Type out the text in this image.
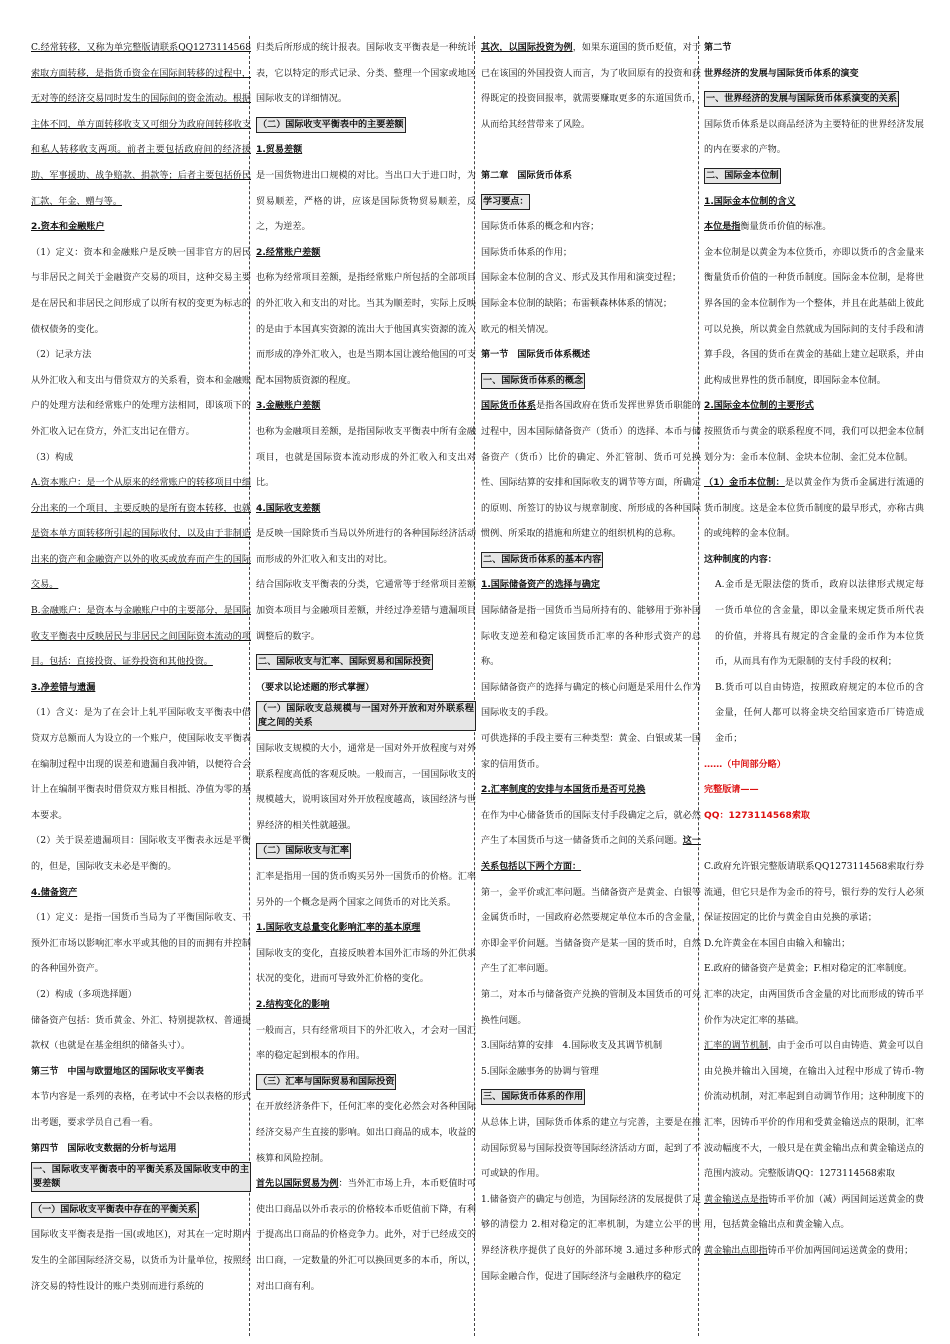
C.经常转移，又称为单完整版请联系QQ1273114568索取方面转移，是指货币资金在国际间转移的过程中，无对等的经济交易同时发生的国际间的资金流动。根据主体不同，单方面转移收支又可细分为政府间转移收支和私人转移收支两项。前者主要包括政府间的经济援助、军事援助、战争赔款、捐款等；后者主要包括侨民汇款、年金、赠与等。

2.资本和金融账户

（1）定义：资本和金融账户是反映一国非官方的居民与非居民之间关于金融资产交易的项目，这种交易主要是在居民和非居民之间形成了以所有权的变更为标志的债权债务的变化。

（2）记录方法

从外汇收入和支出与借贷双方的关系看，资本和金融账户的处理方法和经常账户的处理方法相同，即该项下的外汇收入记在贷方，外汇支出记在借方。

（3）构成

A.资本账户：是一个从原来的经常账户的转移项目中细分出来的一个项目，主要反映的是所有资本转移，也就是资本单方面转移所引起的国际收付，以及由于非制造出来的资产和金融资产以外的收买或放弃而产生的国际交易。

B.金融账户：是资本与金融账户中的主要部分，是国际收支平衡表中反映居民与非居民之间国际资本流动的项目。包括：直接投资、证券投资和其他投资。

3.净差错与遗漏

（1）含义：是为了在会计上轧平国际收支平衡表中借贷双方总额而人为设立的一个账户，使国际收支平衡表在编制过程中出现的误差和遗漏自我冲销，以便符合会计上在编制平衡表时借贷双方账目相抵、净值为零的基本要求。

（2）关于误差遗漏项目：国际收支平衡表永远是平衡的，但是，国际收支未必是平衡的。

4.储备资产

（1）定义：是指一国货币当局为了平衡国际收支、干预外汇市场以影响汇率水平或其他的目的而拥有并控制的各种国外资产。

（2）构成（多项选择题）

储备资产包括：货币黄金、外汇、特别提款权、普通提款权（也就是在基金组织的储备头寸）。

第三节　中国与欧盟地区的国际收支平衡表

本节内容是一系列的表格，在考试中不会以表格的形式出考题，要求学员自己看一看。

第四节　国际收支数据的分析与运用

一、国际收支平衡表中的平衡关系及国际收支中的主要差额

（一）国际收支平衡表中存在的平衡关系

国际收支平衡表是指一国(或地区)，对其在一定时期内发生的全部国际经济交易，以货币为计量单位，按照经济交易的特性设计的账户类别而进行系统的

归类后所形成的统计报表。国际收支平衡表是一种统计表，它以特定的形式记录、分类、整理一个国家或地区国际收支的详细情况。

（二）国际收支平衡表中的主要差额

1.贸易差额

是一国货物进出口规模的对比。当出口大于进口时，为贸易顺差，严格的讲，应该是国际货物贸易顺差，反之，为逆差。

2.经常账户差额

也称为经常项目差额，是指经常账户所包括的全部项目的外汇收入和支出的对比。当其为顺差时，实际上反映的是由于本国真实资源的流出大于他国真实资源的流入而形成的净外汇收入，也是当期本国让渡给他国的可支配本国物质资源的程度。

3.金融账户差额

也称为金融项目差额，是指国际收支平衡表中所有金融项目，也就是国际资本流动形成的外汇收入和支出对比。

4.国际收支差额

是反映一国除货币当局以外所进行的各种国际经济活动而形成的外汇收入和支出的对比。

结合国际收支平衡表的分类，它通常等于经常项目差额加资本项目与金融项目差额，并经过净差错与遗漏项目调整后的数字。

二、国际收支与汇率、国际贸易和国际投资

（要求以论述题的形式掌握）

（一）国际收支总规模与一国对外开放和对外联系程度之间的关系

国际收支规模的大小，通常是一国对外开放程度与对外联系程度高低的客观反映。一般而言，一国国际收支的规模越大，说明该国对外开放程度越高，该国经济与世界经济的相关性就越强。

（二）国际收支与汇率

汇率是指用一国的货币购买另外一国货币的价格。汇率另外的一个概念是两个国家之间货币的对比关系。

1.国际收支总量变化影响汇率的基本原理

国际收支的变化，直接反映着本国外汇市场的外汇供求状况的变化，进而可导致外汇价格的变化。

2.结构变化的影响

一般而言，只有经常项目下的外汇收入，才会对一国汇率的稳定起到根本的作用。

（三）汇率与国际贸易和国际投资

在开放经济条件下，任何汇率的变化必然会对各种国际经济交易产生直接的影响。如出口商品的成本，收益的核算和风险控制。

首先以国际贸易为例：当外汇市场上升，本币贬值时可使出口商品以外币表示的价格较本币贬值前下降，有利于提高出口商品的价格竞争力。此外，对于已经成交的出口商，一定数量的外汇可以换回更多的本币，所以，对出口商有利。

其次，以国际投资为例，如果东道国的货币贬值，对于已在该国的外国投资人而言，为了收回原有的投资和获得既定的投资回报率，就需要赚取更多的东道国货币，从而给其经营带来了风险。

第二章　国际货币体系

学习要点：

国际货币体系的概念和内容；

国际货币体系的作用；

国际金本位制的含义、形式及其作用和演变过程；

国际金本位制的缺陷；布雷顿森林体系的情况；

欧元的相关情况。

第一节　国际货币体系概述

一、国际货币体系的概念

国际货币体系是指各国政府在货币发挥世界货币职能的过程中，因本国际储备资产（货币）的选择、本币与储备资产（货币）比价的确定、外汇管制、货币可兑换性、国际结算的安排和国际收支的调节等方面，所确定的原则、所签订的协议与规章制度、所形成的各种国际惯例、所采取的措施和所建立的组织机构的总称。

二、国际货币体系的基本内容

1.国际储备资产的选择与确定

国际储备是指一国货币当局所持有的、能够用于弥补国际收支逆差和稳定该国货币汇率的各种形式资产的总称。

国际储备资产的选择与确定的核心问题是采用什么作为国际收支的手段。

可供选择的手段主要有三种类型：黄金、白银或某一国家的信用货币。

2.汇率制度的安排与本国货币是否可兑换

在作为中心储备货币的国际支付手段确定之后，就必然产生了本国货币与这一储备货币之间的关系问题。这一关系包括以下两个方面：

第一，金平价或汇率问题。当储备资产是黄金、白银等金属货币时，一国政府必然要规定单位本币的含金量，亦即金平价问题。当储备资产是某一国的货币时，自然产生了汇率问题。

第二，对本币与储备资产兑换的管制及本国货币的可兑换性问题。

3.国际结算的安排　4.国际收支及其调节机制

5.国际金融事务的协调与管理

三、国际货币体系的作用

从总体上讲，国际货币体系的建立与完善，主要是在推动国际贸易与国际投资等国际经济活动方面，起到了不可或缺的作用。

1.储备资产的确定与创造，为国际经济的发展提供了足够的清偿力 2.相对稳定的汇率机制，为建立公平的世界经济秩序提供了良好的外部环境 3.通过多种形式的国际金融合作，促进了国际经济与金融秩序的稳定

第二节

世界经济的发展与国际货币体系的演变

一、世界经济的发展与国际货币体系演变的关系

国际货币体系是以商品经济为主要特征的世界经济发展的内在要求的产物。

二、国际金本位制

1.国际金本位制的含义

本位是指衡量货币价值的标准。

金本位制是以黄金为本位货币，亦即以货币的含金量来衡量货币价值的一种货币制度。国际金本位制，是将世界各国的金本位制作为一个整体，并且在此基础上彼此可以兑换，所以黄金自然就成为国际间的支付手段和清算手段，各国的货币在黄金的基础上建立起联系，并由此构成世界性的货币制度，即国际金本位制。

2.国际金本位制的主要形式

按照货币与黄金的联系程度不同，我们可以把金本位制划分为：金币本位制、金块本位制、金汇兑本位制。

（1）金币本位制：是以黄金作为货币金属进行流通的货币制度。这是金本位货币制度的最早形式，亦称古典的或纯粹的金本位制。

这种制度的内容：

A.金币是无限法偿的货币，政府以法律形式规定每一货币单位的含金量，即以金量来规定货币所代表的价值，并将具有规定的含金量的金币作为本位货币，从而具有作为无限制的支付手段的权利；

B.货币可以自由铸造，按照政府规定的本位币的含金量，任何人都可以将金块交给国家造币厂铸造成金币；

……（中间部分略）

完整版请——

QQ：1273114568索取

C.政府允许银完整版请联系QQ1273114568索取行券流通，但它只是作为金币的符号，银行券的发行人必须保证按固定的比价与黄金自由兑换的承诺；

D.允许黄金在本国自由输入和输出；

E.政府的储备资产是黄金；F.相对稳定的汇率制度。

汇率的决定，由两国货币含金量的对比而形成的铸币平价作为决定汇率的基础。

汇率的调节机制，由于金币可以自由铸造、黄金可以自由兑换并输出入国境，在输出入过程中形成了铸币-物价流动机制，对汇率起到自动调节作用；这种制度下的汇率，因铸币平价的作用和受黄金输送点的限制，汇率波动幅度不大，一般只是在黄金输出点和黄金输送点的范围内波动。完整版请QQ：1273114568索取

黄金输送点是指铸币平价加（减）两国间运送黄金的费用，包括黄金输出点和黄金输入点。

黄金输出点即指铸币平价加两国间运送黄金的费用；
